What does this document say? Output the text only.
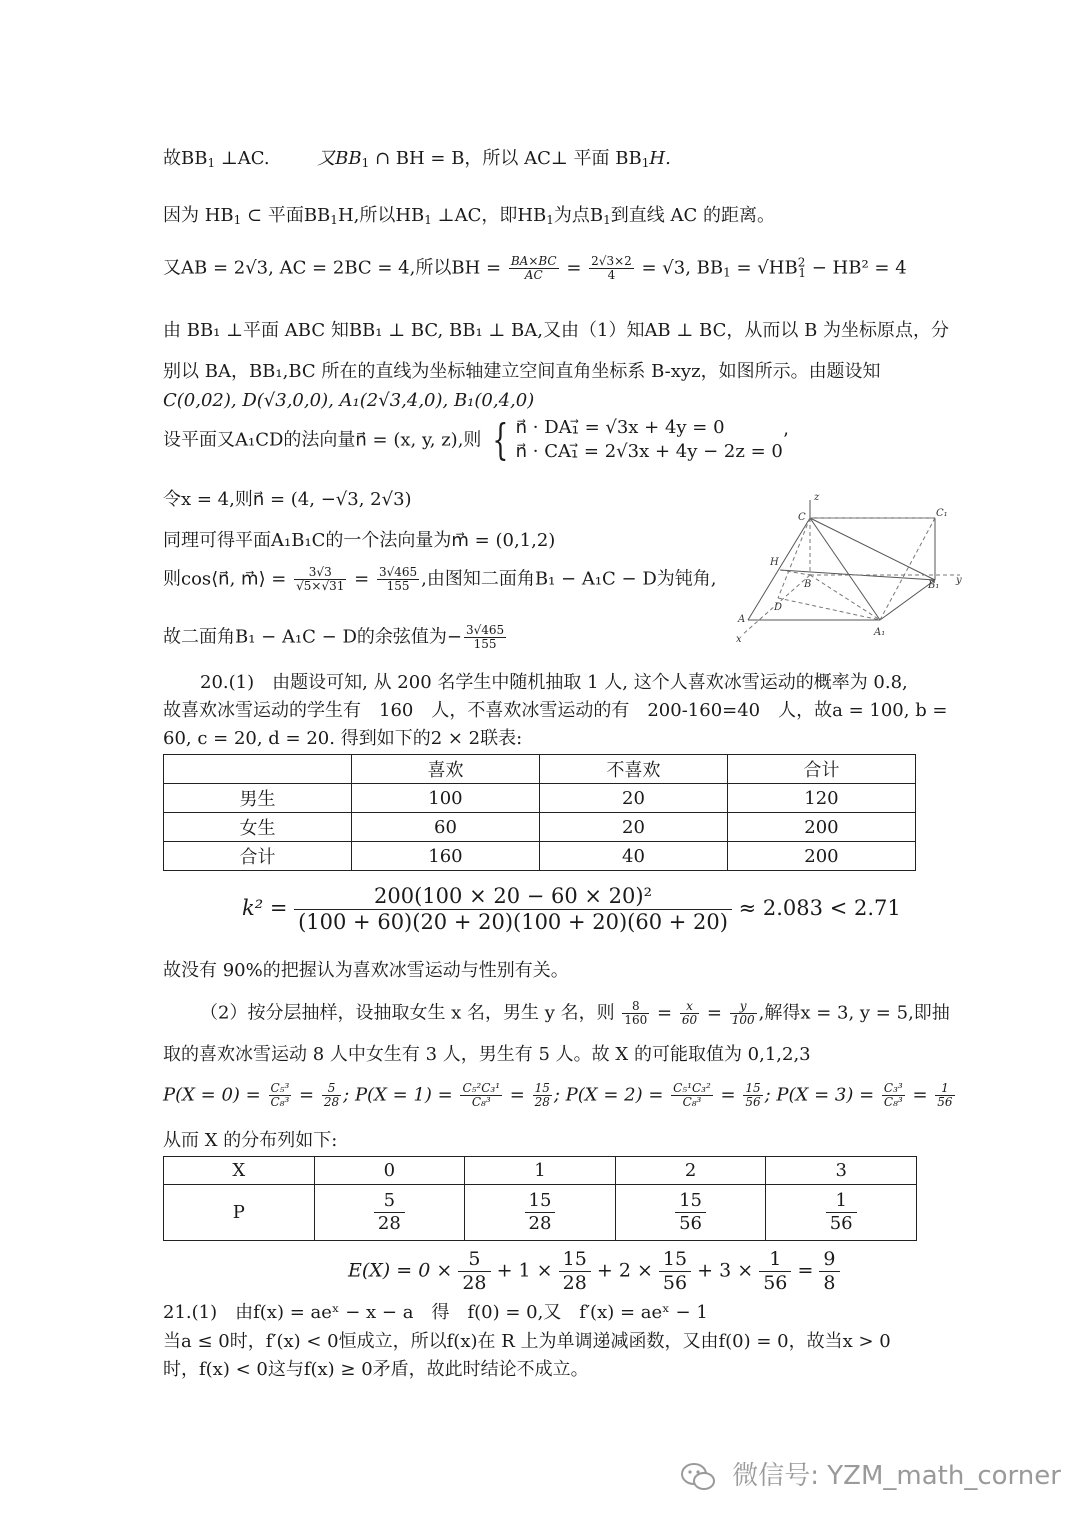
故$BB_1$ ⊥AC.	又$BB_1$ ∩ BH = B，所以 AC⊥ 平面 $BB_1H$.
因为 $HB_1$ ⊂ 平面$BB_1H$,所以$HB_1$ ⊥AC，即$HB_1$为点$B_1$到直线 AC 的距离。
又AB = 2√3, AC = 2BC = 4,所以BH = $\frac{BA\times BC}{AC} = \frac{2√3\times 2}{4} = √3$, $BB_1 = √HB^2_1 - HB^2 = 4$
由 BB₁ ⊥平面 ABC 知BB₁ ⊥ BC, BB₁ ⊥ BA,又由（1）知AB ⊥ BC，从而以 B 为坐标原点，分
别以 BA，BB₁,BC 所在的直线为坐标轴建立空间直角坐标系 B-xyz，如图所示。由题设知
C(0,02), D(√3,0,0), A₁(2√3,4,0), B₁(0,4,0)
设平面又A₁CD的法向量n⃗ = (x, y, z),则 { n⃗ · DA₁⃗ = √3x + 4y = 0
n⃗ · CA₁⃗ = 2√3x + 4y − 2z = 0
’
令x = 4,则n⃗ = (4, −√3, 2√3)
同理可得平面A₁B₁C的一个法向量为m⃗ = (0,1,2)
则cos⟨n⃗, m⃗⟩ = $\frac{3√3}{√5\times√31} = \frac{3√465}{155}$ ,由图知二面角B₁ − A₁C − D为钝角,
故二面角B₁ − A₁C − D的余弦值为− $\frac{3√465}{155}$
C	C₁
H
B	B₁ y
D
A
A₁
x
z
20.(1)　由题设可知, 从 200 名学生中随机抽取 1 人, 这个人喜欢冰雪运动的概率为 0.8,
故喜欢冰雪运动的学生有　160　人，不喜欢冰雪运动的有　200-160=40　人，故a = 100, b =
60, c = 20, d = 20. 得到如下的2 × 2联表:
	喜欢	不喜欢	合计
男生	100	20	120
女生	60	20	200
合计	160	40	200
$k^2 = \frac{\text{200(100 × 20 − 60 × 20)²}}{(100 + 60)(20 + 20)(100 + 20)(60 + 20)} \approx 2.083 < 2.71$
故没有 90%的把握认为喜欢冰雪运动与性别有关。
（2）按分层抽样，设抽取女生 x 名，男生 y 名，则 $\frac{8}{160} = \frac{x}{60} = \frac{y}{100}$ ,解得x = 3, y = 5,即抽
取的喜欢冰雪运动 8 人中女生有 3 人，男生有 5 人。故 X 的可能取值为 0,1,2,3
$P(X = 0) = \frac{\text{C₅³}}{\text{C₈³}} = \frac{5}{28}$ ; $P(X = 1) = \frac{\text{C₅²C₃¹}}{\text{C₈³}} = \frac{15}{28}$ ; $P(X = 2) = \frac{\text{C₅¹C₃²}}{\text{C₈³}} = \frac{15}{56}$ ; $P(X = 3) = \frac{\text{C₃³}}{\text{C₈³}} = \frac{1}{56}$
从而 X 的分布列如下:
X	0	1	2	3
P	$\frac{5}{28}$	$\frac{15}{28}$	$\frac{15}{56}$	$\frac{1}{56}$
$E(X) = 0 \times \frac{5}{28} + 1 \times \frac{15}{28} + 2 \times \frac{15}{56} + 3 \times \frac{1}{56} = \frac{9}{8}$
21.(1)　由f(x) = aeˣ − x − a　得　f(0) = 0,又　f′(x) = aeˣ − 1
当a ≤ 0时，f′(x) < 0恒成立，所以f(x)在 R 上为单调递减函数，又由f(0) = 0，故当x > 0
时，f(x) < 0这与f(x) ≥ 0矛盾，故此时结论不成立。
微信号: YZM_math_corner
